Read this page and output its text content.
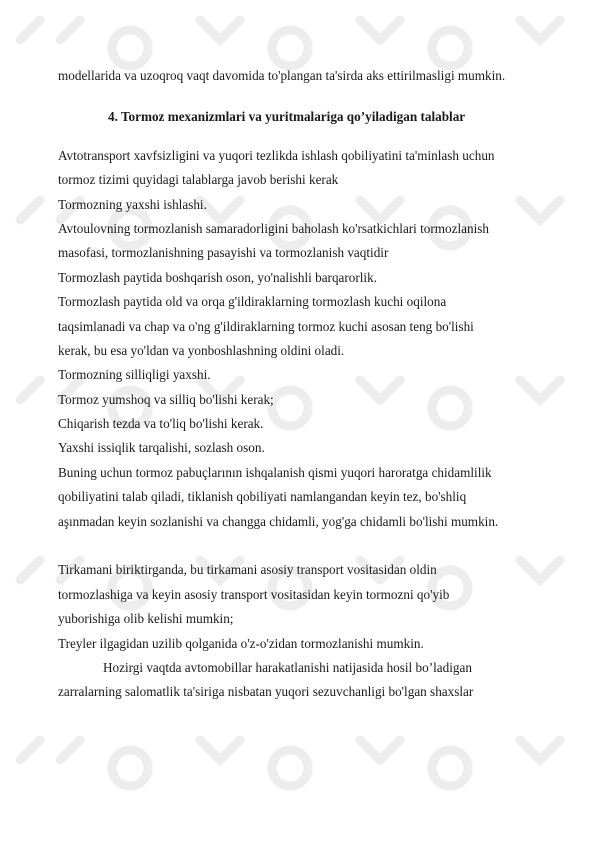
modellarida va uzoqroq vaqt davomida to'plangan ta'sirda aks ettirilmasligi mumkin.
4. Tormoz mexanizmlari va yuritmalariga qo’yiladigan talablar
Avtotransport xavfsizligini va yuqori tezlikda ishlash qobiliyatini ta'minlash uchun
tormoz tizimi quyidagi talablarga javob berishi kerak
Tormozning yaxshi ishlashi.
Avtoulovning tormozlanish samaradorligini baholash ko'rsatkichlari tormozlanish
masofasi, tormozlanishning pasayishi va tormozlanish vaqtidir
Tormozlash paytida boshqarish oson, yo'nalishli barqarorlik.
Tormozlash paytida old va orqa g'ildiraklarning tormozlash kuchi oqilona
taqsimlanadi va chap va o'ng g'ildiraklarning tormoz kuchi asosan teng bo'lishi
kerak, bu esa yo'ldan va yonboshlashning oldini oladi.
Tormozning silliqligi yaxshi.
Tormoz yumshoq va silliq bo'lishi kerak;
Chiqarish tezda va to'liq bo'lishi kerak.
Yaxshi issiqlik tarqalishi, sozlash oson.
Buning uchun tormoz pabuçlarının ishqalanish qismi yuqori haroratga chidamlilik
qobiliyatini talab qiladi, tiklanish qobiliyati namlangandan keyin tez, bo'shliq
aşınmadan keyin sozlanishi va changga chidamli, yog'ga chidamli bo'lishi mumkin.
Tirkamani biriktirganda, bu tirkamani asosiy transport vositasidan oldin
tormozlashiga va keyin asosiy transport vositasidan keyin tormozni qo'yib
yuborishiga olib kelishi mumkin;
Treyler ilgagidan uzilib qolganida o'z-o'zidan tormozlanishi mumkin.
Hozirgi vaqtda avtomobillar harakatlanishi natijasida hosil bo’ladigan
zarralarning salomatlik ta'siriga nisbatan yuqori sezuvchanligi bo'lgan shaxslar
